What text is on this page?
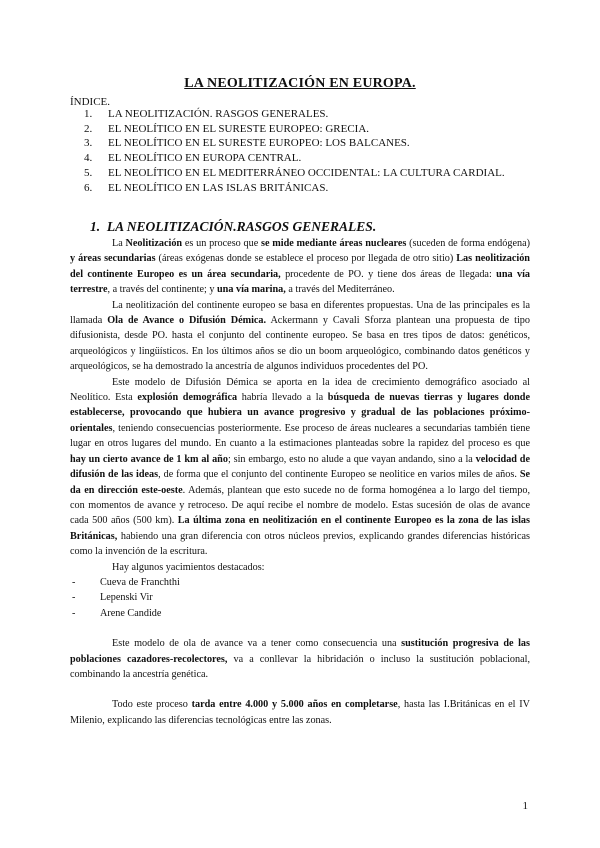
LA NEOLITIZACIÓN EN EUROPA.
ÍNDICE.
1.	LA NEOLITIZACIÓN. RASGOS GENERALES.
2.	EL NEOLÍTICO EN EL SURESTE EUROPEO: GRECIA.
3.	EL NEOLÍTICO EN EL SURESTE EUROPEO: LOS BALCANES.
4.	EL NEOLÍTICO EN EUROPA CENTRAL.
5.	EL NEOLÍTICO EN EL MEDITERRÁNEO OCCIDENTAL: LA CULTURA CARDIAL.
6.	EL NEOLÍTICO EN LAS ISLAS BRITÁNICAS.
1. LA NEOLITIZACIÓN.RASGOS GENERALES.

La Neolitización es un proceso que se mide mediante áreas nucleares (suceden de forma endógena) y áreas secundarias (áreas exógenas donde se establece el proceso por llegada de otro sitio) Las neolitización del continente Europeo es un área secundaria, procedente de PO. y tiene dos áreas de llegada: una vía terrestre, a través del continente; y una vía marina, a través del Mediterráneo.

La neolitización del continente europeo se basa en diferentes propuestas. Una de las principales es la llamada Ola de Avance o Difusión Démica. Ackermann y Cavali Sforza plantean una propuesta de tipo difusionista, desde PO. hasta el conjunto del continente europeo. Se basa en tres tipos de datos: genéticos, arqueológicos y lingüísticos. En los últimos años se dio un boom arqueológico, combinando datos genéticos y arqueológicos, se ha demostrado la ancestría de algunos individuos procedentes del PO.

Este modelo de Difusión Démica se aporta en la idea de crecimiento demográfico asociado al Neolítico. Esta explosión demográfica habría llevado a la búsqueda de nuevas tierras y lugares donde establecerse, provocando que hubiera un avance progresivo y gradual de las poblaciones próximo-orientales, teniendo consecuencias posteriormente. Ese proceso de áreas nucleares a secundarias también tiene lugar en otros lugares del mundo. En cuanto a la estimaciones planteadas sobre la rapidez del proceso es que hay un cierto avance de 1 km al año; sin embargo, esto no alude a que vayan andando, sino a la velocidad de difusión de las ideas, de forma que el conjunto del continente Europeo se neolitice en varios miles de años. Se da en dirección este-oeste. Además, plantean que esto sucede no de forma homogénea a lo largo del tiempo, con momentos de avance y retroceso. De aquí recibe el nombre de modelo. Estas sucesión de olas de avance cada 500 años (500 km). La última zona en neolitización en el continente Europeo es la zona de las islas Británicas, habiendo una gran diferencia con otros núcleos previos, explicando grandes diferencias históricas como la invención de la escritura.

Hay algunos yacimientos destacados:

- Cueva de Franchthi
- Lepenski Vir
- Arene Candide

Este modelo de ola de avance va a tener como consecuencia una sustitución progresiva de las poblaciones cazadores-recolectores, va a conllevar la hibridación o incluso la sustitución poblacional, combinando la ancestría genética.

Todo este proceso tarda entre 4.000 y 5.000 años en completarse, hasta las I.Británicas en el IV Milenio, explicando las diferencias tecnológicas entre las zonas.

1
